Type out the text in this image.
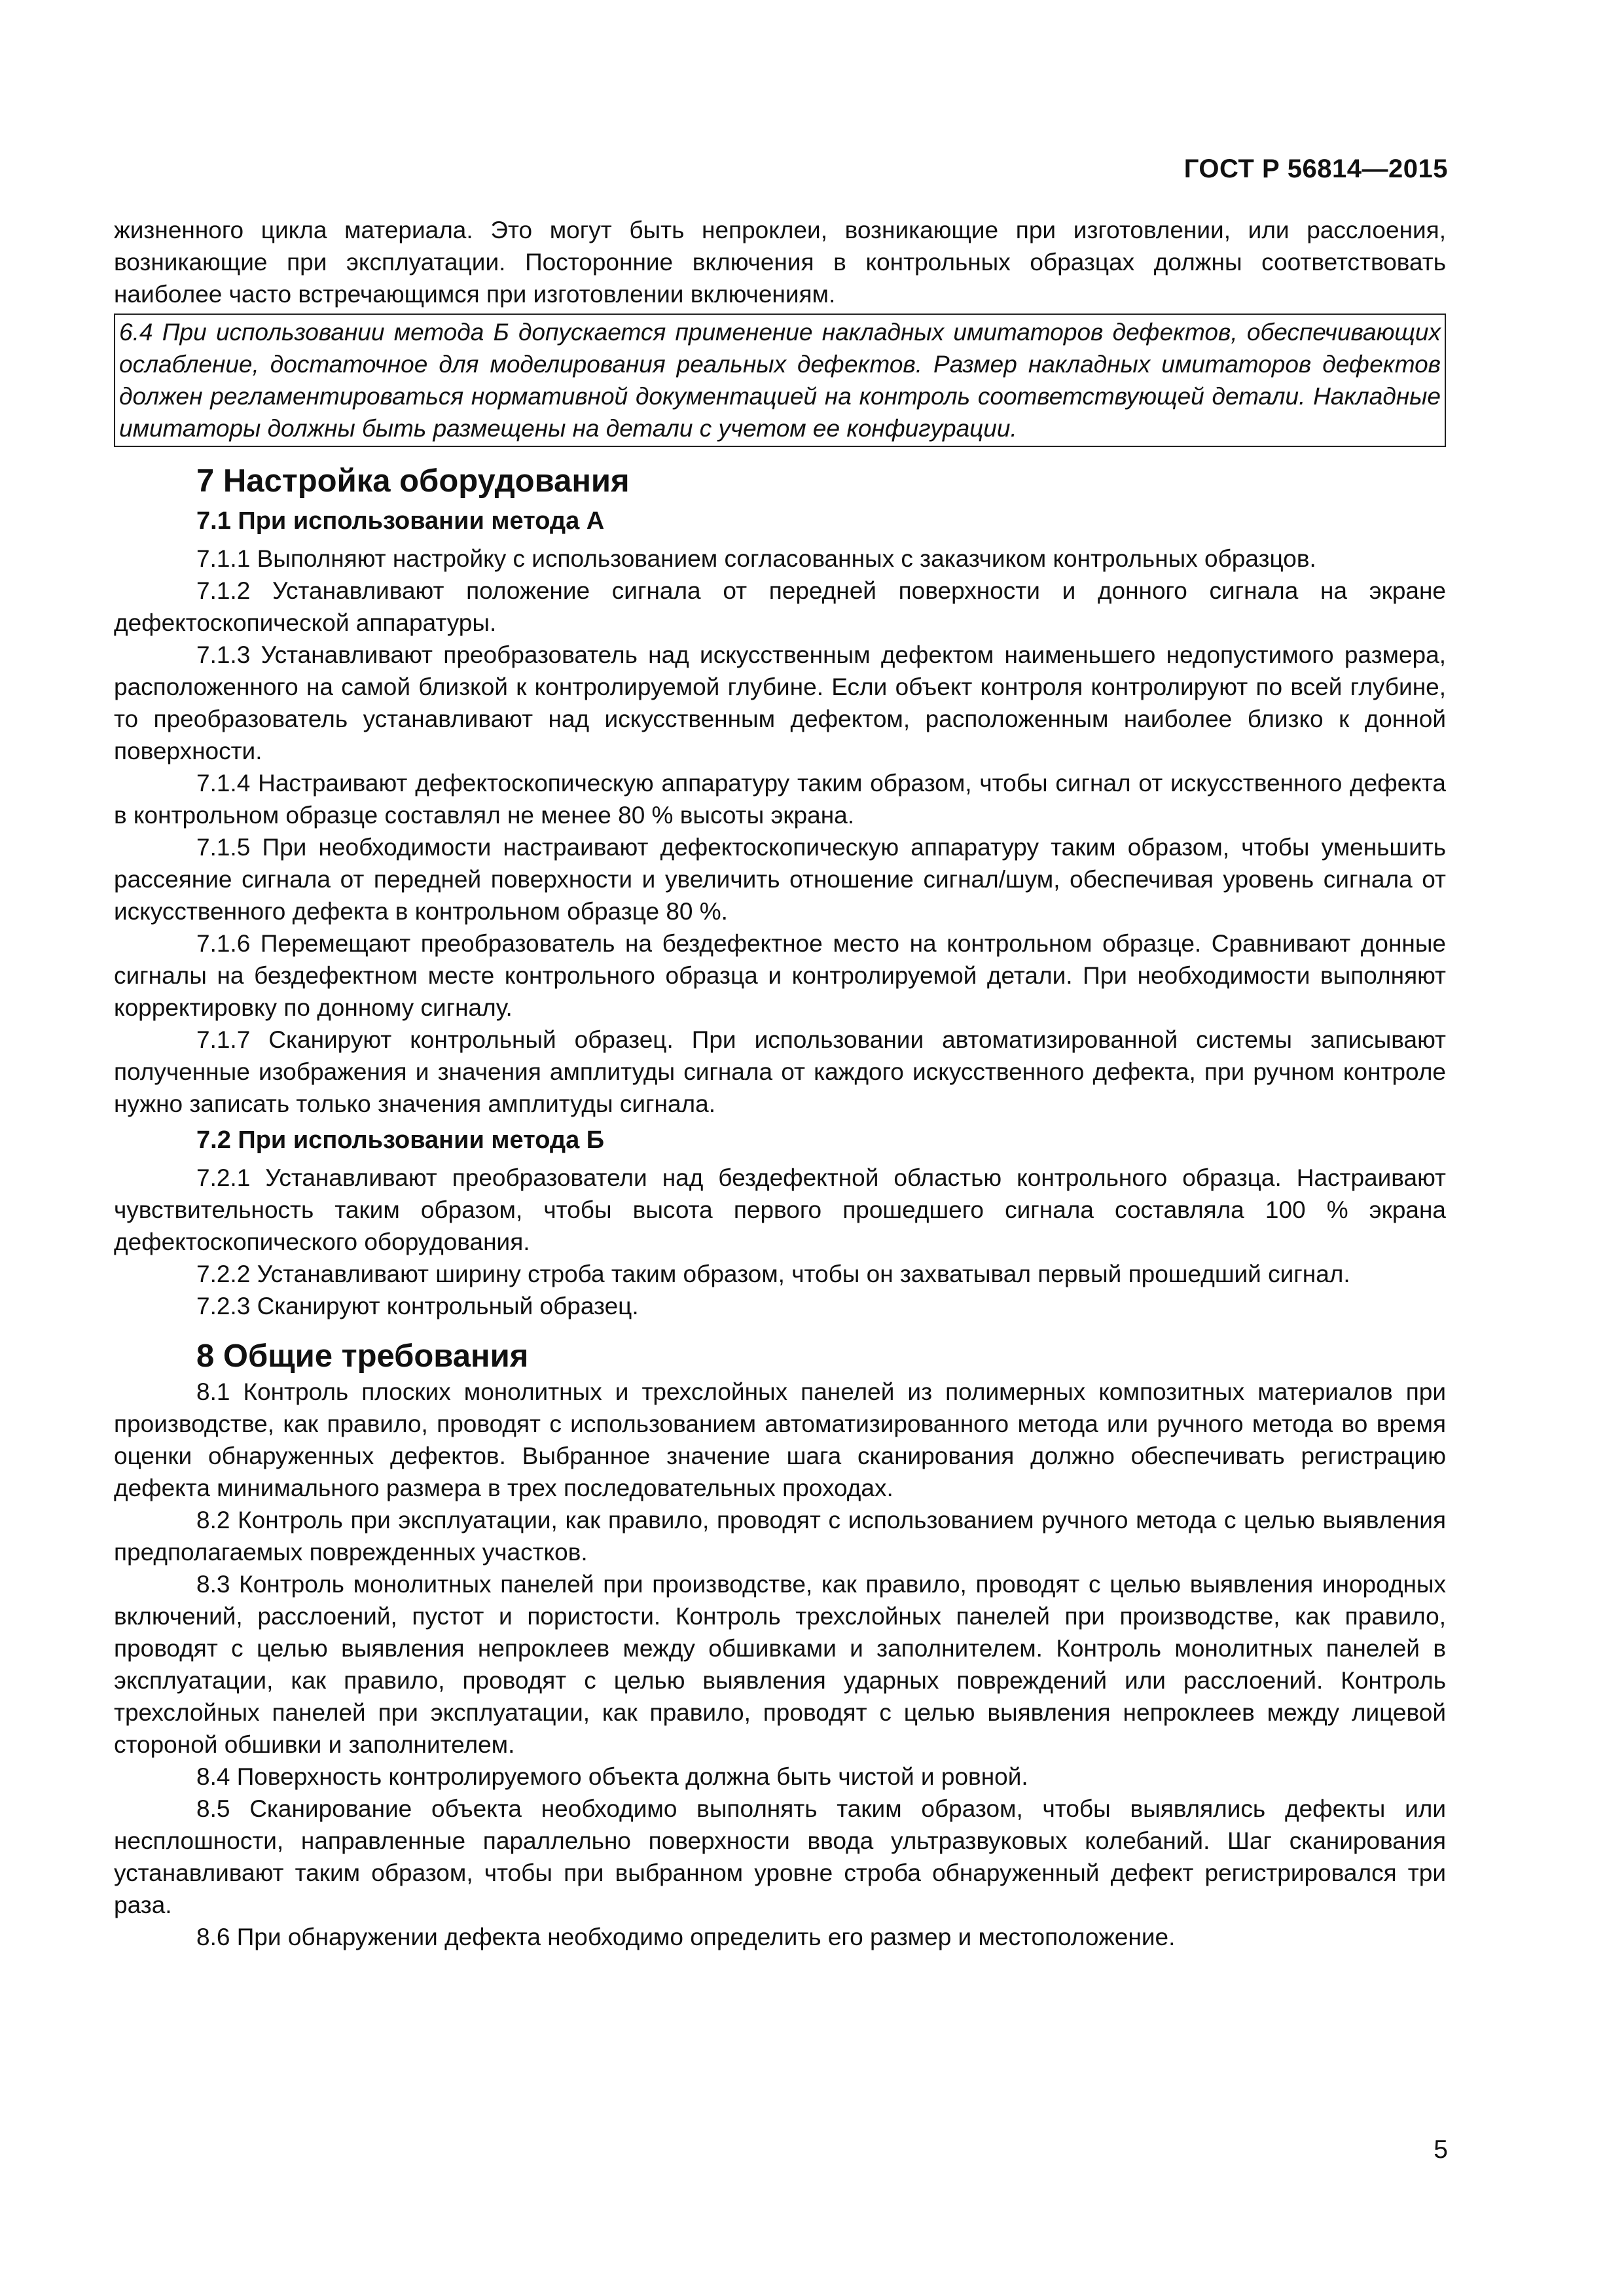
ГОСТ Р 56814—2015

жизненного цикла материала. Это могут быть непроклеи, возникающие при изготовлении, или расслоения, возникающие при эксплуатации. Посторонние включения в контрольных образцах должны соответствовать наиболее часто встречающимся при изготовлении включениям.

6.4 При использовании метода Б допускается применение накладных имитаторов дефектов, обеспечивающих ослабление, достаточное для моделирования реальных дефектов. Размер накладных имитаторов дефектов должен регламентироваться нормативной документацией на контроль соответствующей детали. Накладные имитаторы должны быть размещены на детали с учетом ее конфигурации.

7 Настройка оборудования
7.1 При использовании метода А

7.1.1 Выполняют настройку с использованием согласованных с заказчиком контрольных образцов.

7.1.2 Устанавливают положение сигнала от передней поверхности и донного сигнала на экране дефектоскопической аппаратуры.

7.1.3 Устанавливают преобразователь над искусственным дефектом наименьшего недопустимого размера, расположенного на самой близкой к контролируемой глубине. Если объект контроля контролируют по всей глубине, то преобразователь устанавливают над искусственным дефектом, расположенным наиболее близко к донной поверхности.

7.1.4 Настраивают дефектоскопическую аппаратуру таким образом, чтобы сигнал от искусственного дефекта в контрольном образце составлял не менее 80 % высоты экрана.

7.1.5 При необходимости настраивают дефектоскопическую аппаратуру таким образом, чтобы уменьшить рассеяние сигнала от передней поверхности и увеличить отношение сигнал/шум, обеспечивая уровень сигнала от искусственного дефекта в контрольном образце 80 %.

7.1.6 Перемещают преобразователь на бездефектное место на контрольном образце. Сравнивают донные сигналы на бездефектном месте контрольного образца и контролируемой детали. При необходимости выполняют корректировку по донному сигналу.

7.1.7 Сканируют контрольный образец. При использовании автоматизированной системы записывают полученные изображения и значения амплитуды сигнала от каждого искусственного дефекта, при ручном контроле нужно записать только значения амплитуды сигнала.

7.2 При использовании метода Б

7.2.1 Устанавливают преобразователи над бездефектной областью контрольного образца. Настраивают чувствительность таким образом, чтобы высота первого прошедшего сигнала составляла 100 % экрана дефектоскопического оборудования.

7.2.2 Устанавливают ширину строба таким образом, чтобы он захватывал первый прошедший сигнал.

7.2.3 Сканируют контрольный образец.

8 Общие требования

8.1 Контроль плоских монолитных и трехслойных панелей из полимерных композитных материалов при производстве, как правило, проводят с использованием автоматизированного метода или ручного метода во время оценки обнаруженных дефектов. Выбранное значение шага сканирования должно обеспечивать регистрацию дефекта минимального размера в трех последовательных проходах.

8.2 Контроль при эксплуатации, как правило, проводят с использованием ручного метода с целью выявления предполагаемых поврежденных участков.

8.3 Контроль монолитных панелей при производстве, как правило, проводят с целью выявления инородных включений, расслоений, пустот и пористости. Контроль трехслойных панелей при производстве, как правило, проводят с целью выявления непроклеев между обшивками и заполнителем. Контроль монолитных панелей в эксплуатации, как правило, проводят с целью выявления ударных повреждений или расслоений. Контроль трехслойных панелей при эксплуатации, как правило, проводят с целью выявления непроклеев между лицевой стороной обшивки и заполнителем.

8.4 Поверхность контролируемого объекта должна быть чистой и ровной.

8.5 Сканирование объекта необходимо выполнять таким образом, чтобы выявлялись дефекты или несплошности, направленные параллельно поверхности ввода ультразвуковых колебаний. Шаг сканирования устанавливают таким образом, чтобы при выбранном уровне строба обнаруженный дефект регистрировался три раза.

8.6 При обнаружении дефекта необходимо определить его размер и местоположение.

5
